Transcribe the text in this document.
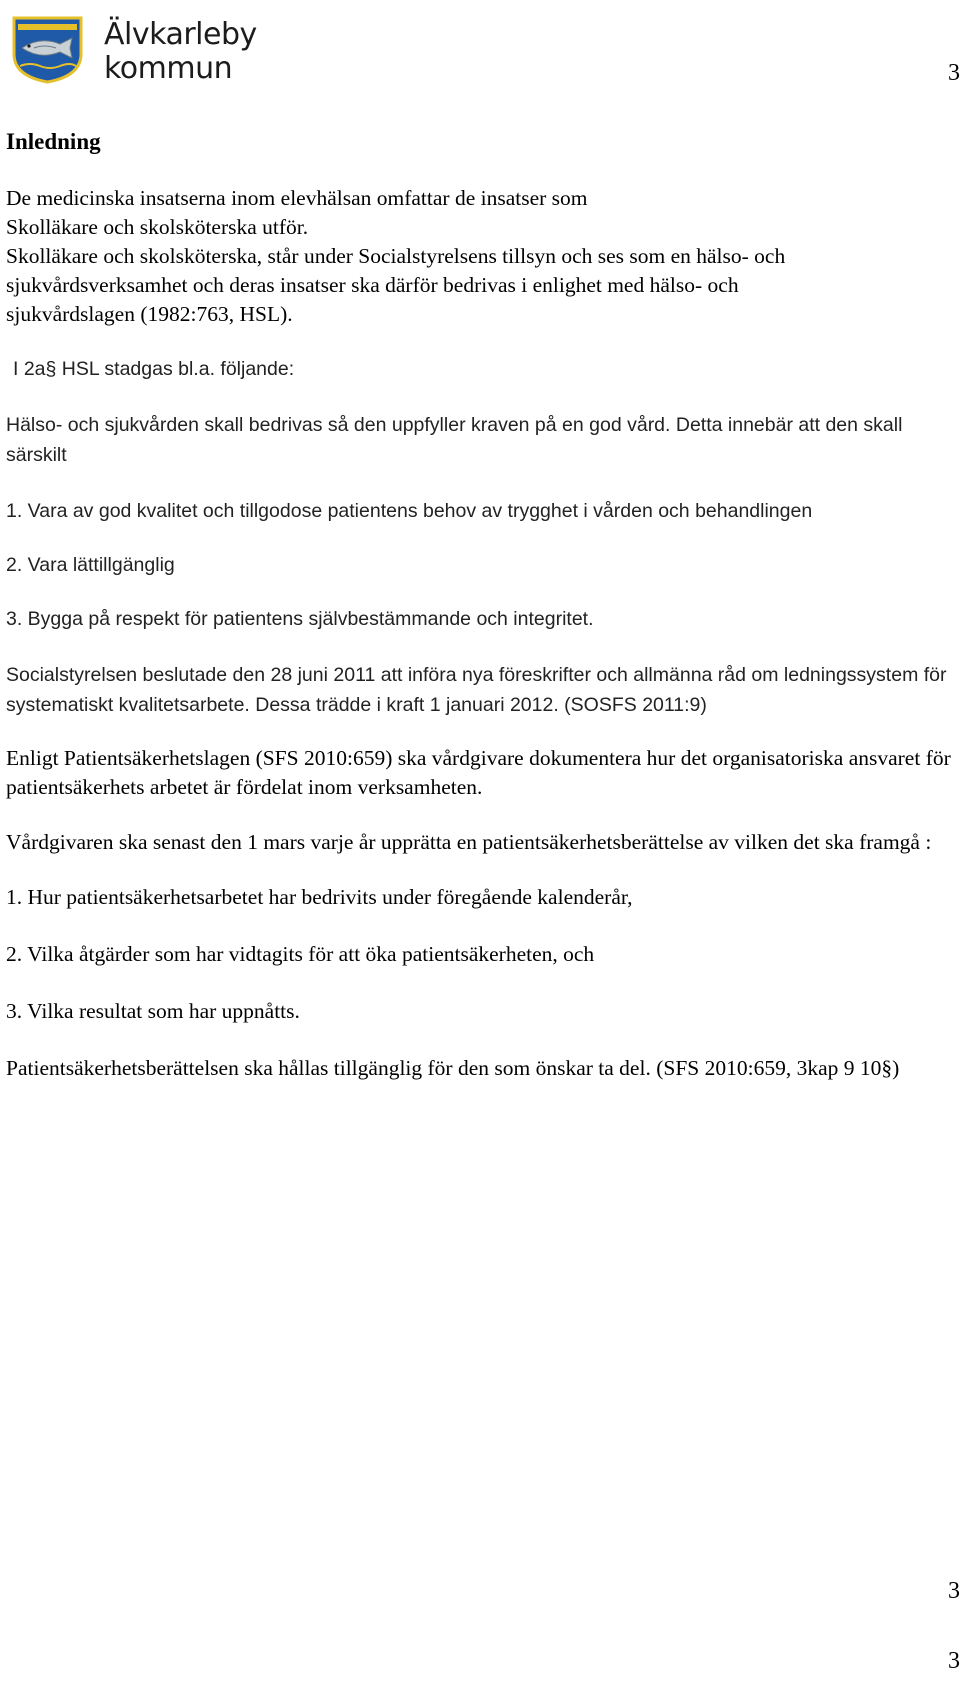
Älvkarleby
kommun	3

Inledning

De medicinska insatserna inom elevhälsan omfattar de insatser som

Skolläkare och skolsköterska utför.

Skolläkare och skolsköterska, står under Socialstyrelsens tillsyn och ses som en hälso- och

sjukvårdsverksamhet och deras insatser ska därför bedrivas i enlighet med hälso- och

sjukvårdslagen (1982:763, HSL).

I 2a§ HSL stadgas bl.a. följande:

Hälso- och sjukvården skall bedrivas så den uppfyller kraven på en god vård. Detta innebär att den skall särskilt

1. Vara av god kvalitet och tillgodose patientens behov av trygghet i vården och behandlingen

2. Vara lättillgänglig

3. Bygga på respekt för patientens självbestämmande och integritet.

Socialstyrelsen beslutade den 28 juni 2011 att införa nya föreskrifter och allmänna råd om ledningssystem för systematiskt kvalitetsarbete. Dessa trädde i kraft 1 januari 2012. (SOSFS 2011:9)

Enligt Patientsäkerhetslagen (SFS 2010:659) ska vårdgivare dokumentera hur det organisatoriska ansvaret för patientsäkerhets arbetet är fördelat inom verksamheten.

Vårdgivaren ska senast den 1 mars varje år upprätta en patientsäkerhetsberättelse av vilken det ska framgå :

1. Hur patientsäkerhetsarbetet har bedrivits under föregående kalenderår,

2. Vilka åtgärder som har vidtagits för att öka patientsäkerheten, och

3. Vilka resultat som har uppnåtts.

Patientsäkerhetsberättelsen ska hållas tillgänglig för den som önskar ta del. (SFS 2010:659, 3kap 9 10§)

3
3
